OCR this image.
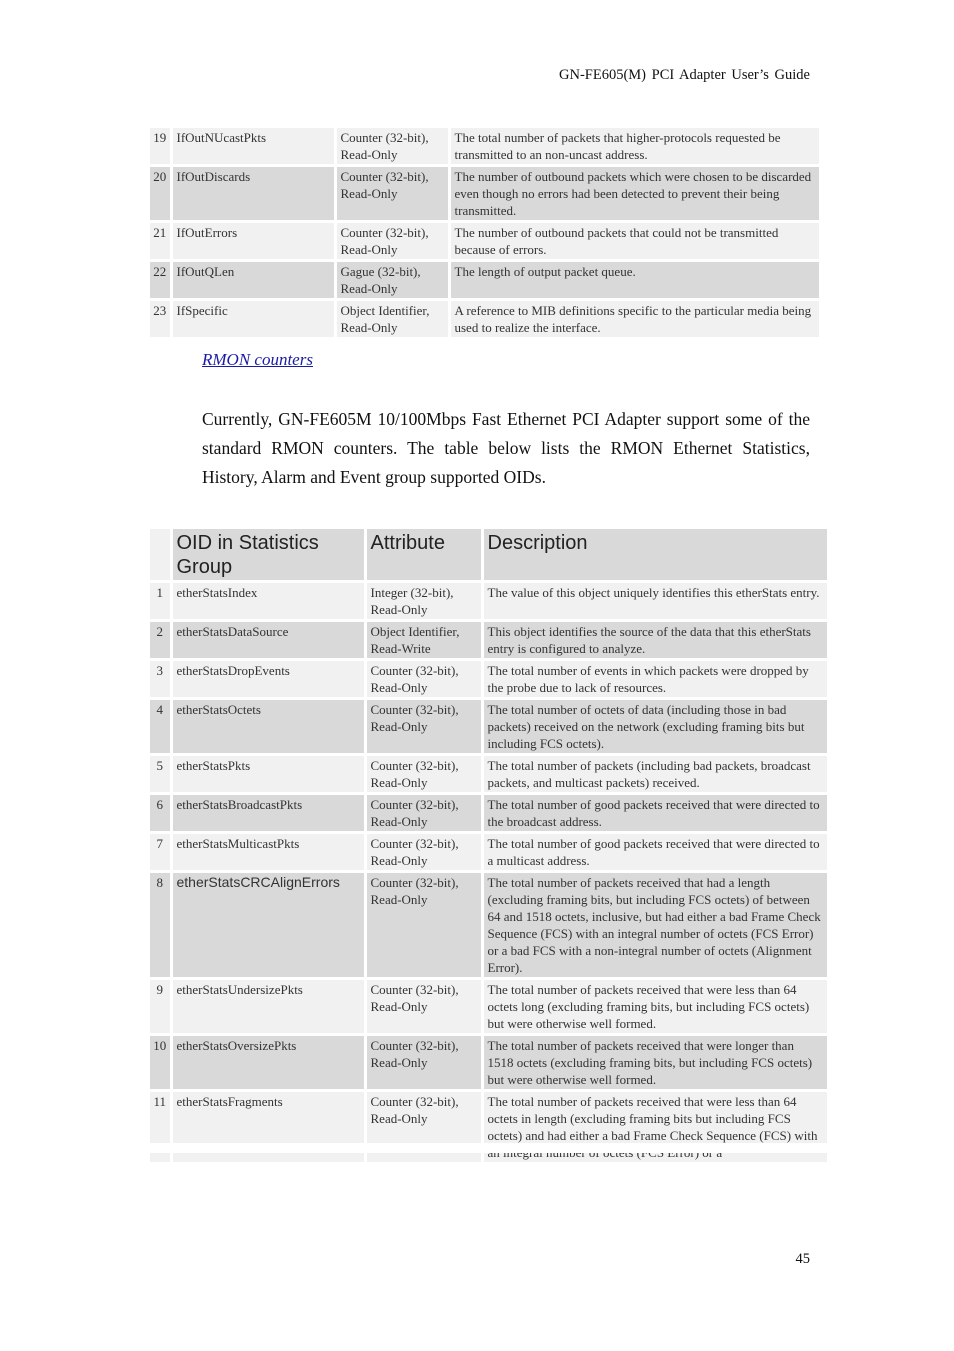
GN-FE605(M) PCI Adapter User’s Guide
19	IfOutNUcastPkts	Counter (32-bit),
Read-Only	The total number of packets that higher-protocols requested be transmitted to an non-uncast address.
20	IfOutDiscards	Counter (32-bit),
Read-Only	The number of outbound packets which were chosen to be discarded even though no errors had been detected to prevent their being transmitted.
21	IfOutErrors	Counter (32-bit),
Read-Only	The number of outbound packets that could not be transmitted because of errors.
22	IfOutQLen	Gague (32-bit),
Read-Only	The length of output packet queue.
23	IfSpecific	Object Identifier,
Read-Only	A reference to MIB definitions specific to the particular media being used to realize the interface.
RMON counters

Currently, GN-FE605M 10/100Mbps Fast Ethernet PCI Adapter support some of the standard RMON counters. The table below lists the RMON Ethernet Statistics, History, Alarm and Event group supported OIDs.

	OID in Statistics Group	Attribute	Description
1	etherStatsIndex	Integer (32-bit),
Read-Only	The value of this object uniquely identifies this etherStats entry.
2	etherStatsDataSource	Object Identifier,
Read-Write	This object identifies the source of the data that this etherStats entry is configured to analyze.
3	etherStatsDropEvents	Counter (32-bit),
Read-Only	The total number of events in which packets were dropped by the probe due to lack of resources.
4	etherStatsOctets	Counter (32-bit),
Read-Only	The total number of octets of data (including those in bad packets) received on the network (excluding framing bits but including FCS octets).
5	etherStatsPkts	Counter (32-bit),
Read-Only	The total number of packets (including bad packets, broadcast packets, and multicast packets) received.
6	etherStatsBroadcastPkts	Counter (32-bit),
Read-Only	The total number of good packets received that were directed to the broadcast address.
7	etherStatsMulticastPkts	Counter (32-bit),
Read-Only	The total number of good packets received that were directed to a multicast address.
8	etherStatsCRCAlignErrors	Counter (32-bit),
Read-Only	The total number of packets received that had a length (excluding framing bits, but including FCS octets) of between 64 and 1518 octets, inclusive, but had either a bad Frame Check Sequence (FCS) with an integral number of octets (FCS Error) or a bad FCS with a non-integral number of octets (Alignment Error).
9	etherStatsUndersizePkts	Counter (32-bit),
Read-Only	The total number of packets received that were less than 64 octets long (excluding framing bits, but including FCS octets) but were otherwise well formed.
10	etherStatsOversizePkts	Counter (32-bit),
Read-Only	The total number of packets received that were longer than 1518 octets (excluding framing bits, but including FCS octets) but were otherwise well formed.
11	etherStatsFragments	Counter (32-bit),
Read-Only	The total number of packets received that were less than 64 octets in length (excluding framing bits but including FCS octets) and had either a bad Frame Check Sequence (FCS) with
45
